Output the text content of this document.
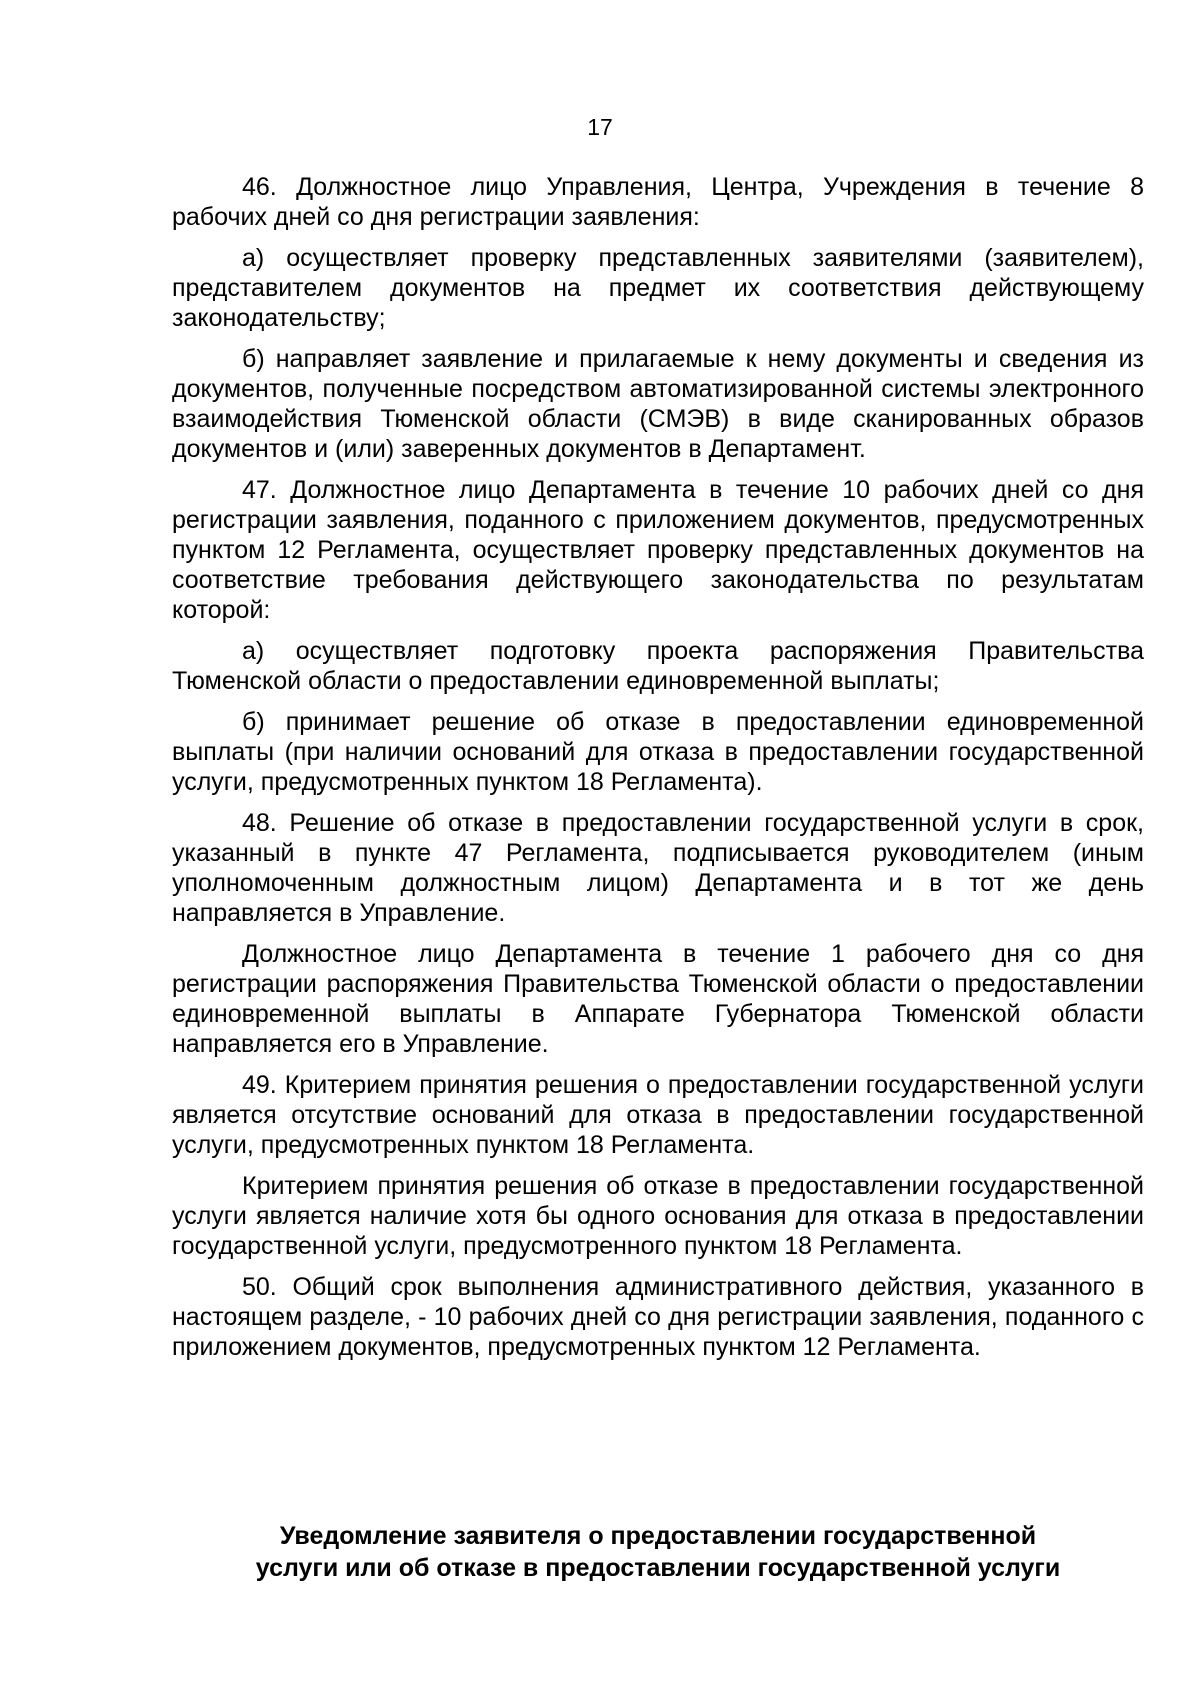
17

46. Должностное лицо Управления, Центра, Учреждения в течение 8 рабочих дней со дня регистрации заявления:

а) осуществляет проверку представленных заявителями (заявителем), представителем документов на предмет их соответствия действующему законодательству;

б) направляет заявление и прилагаемые к нему документы и сведения из документов, полученные посредством автоматизированной системы электронного взаимодействия Тюменской области (СМЭВ) в виде сканированных образов документов и (или) заверенных документов в Департамент.

47. Должностное лицо Департамента в течение 10 рабочих дней со дня регистрации заявления, поданного с приложением документов, предусмотренных пунктом 12 Регламента, осуществляет проверку представленных документов на соответствие требования действующего законодательства по результатам которой:

а) осуществляет подготовку проекта распоряжения Правительства Тюменской области о предоставлении единовременной выплаты;

б) принимает решение об отказе в предоставлении единовременной выплаты (при наличии оснований для отказа в предоставлении государственной услуги, предусмотренных пунктом 18 Регламента).

48. Решение об отказе в предоставлении государственной услуги в срок, указанный в пункте 47 Регламента, подписывается руководителем (иным уполномоченным должностным лицом) Департамента и в тот же день направляется в Управление.

Должностное лицо Департамента в течение 1 рабочего дня со дня регистрации распоряжения Правительства Тюменской области о предоставлении единовременной выплаты в Аппарате Губернатора Тюменской области направляется его в Управление.

49. Критерием принятия решения о предоставлении государственной услуги является отсутствие оснований для отказа в предоставлении государственной услуги, предусмотренных пунктом 18 Регламента.

Критерием принятия решения об отказе в предоставлении государственной услуги является наличие хотя бы одного основания для отказа в предоставлении государственной услуги, предусмотренного пунктом 18 Регламента.

50. Общий срок выполнения административного действия, указанного в настоящем разделе, - 10 рабочих дней со дня регистрации заявления, поданного с приложением документов, предусмотренных пунктом 12 Регламента.

Уведомление заявителя о предоставлении государственной
услуги или об отказе в предоставлении государственной услуги
